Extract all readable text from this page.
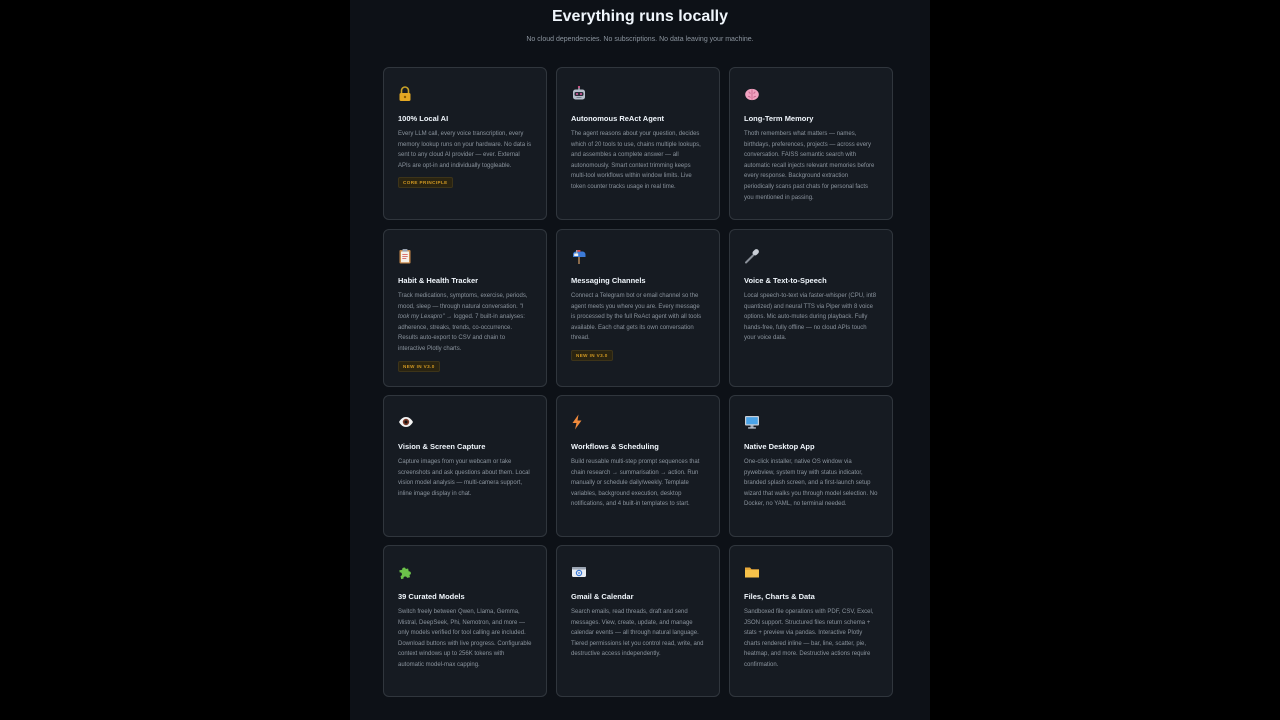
Everything runs locally
No cloud dependencies. No subscriptions. No data leaving your machine.
100% Local AI
Every LLM call, every voice transcription, every memory lookup runs on your hardware. No data is sent to any cloud AI provider — ever. External APIs are opt-in and individually toggleable.
CORE PRINCIPLE
Autonomous ReAct Agent
The agent reasons about your question, decides which of 20 tools to use, chains multiple lookups, and assembles a complete answer — all autonomously. Smart context trimming keeps multi-tool workflows within window limits. Live token counter tracks usage in real time.
Long-Term Memory
Thoth remembers what matters — names, birthdays, preferences, projects — across every conversation. FAISS semantic search with automatic recall injects relevant memories before every response. Background extraction periodically scans past chats for personal facts you mentioned in passing.
Habit & Health Tracker
Track medications, symptoms, exercise, periods, mood, sleep — through natural conversation. "I took my Lexapro" → logged. 7 built-in analyses: adherence, streaks, trends, co-occurrence. Results auto-export to CSV and chain to interactive Plotly charts.
NEW IN V3.0
Messaging Channels
Connect a Telegram bot or email channel so the agent meets you where you are. Every message is processed by the full ReAct agent with all tools available. Each chat gets its own conversation thread.
NEW IN V3.0
Voice & Text-to-Speech
Local speech-to-text via faster-whisper (CPU, int8 quantized) and neural TTS via Piper with 8 voice options. Mic auto-mutes during playback. Fully hands-free, fully offline — no cloud APIs touch your voice data.
Vision & Screen Capture
Capture images from your webcam or take screenshots and ask questions about them. Local vision model analysis — multi-camera support, inline image display in chat.
Workflows & Scheduling
Build reusable multi-step prompt sequences that chain research → summarisation → action. Run manually or schedule daily/weekly. Template variables, background execution, desktop notifications, and 4 built-in templates to start.
Native Desktop App
One-click installer, native OS window via pywebview, system tray with status indicator, branded splash screen, and a first-launch setup wizard that walks you through model selection. No Docker, no YAML, no terminal needed.
39 Curated Models
Switch freely between Qwen, Llama, Gemma, Mistral, DeepSeek, Phi, Nemotron, and more — only models verified for tool calling are included. Download buttons with live progress. Configurable context windows up to 256K tokens with automatic model-max capping.
Gmail & Calendar
Search emails, read threads, draft and send messages. View, create, update, and manage calendar events — all through natural language. Tiered permissions let you control read, write, and destructive access independently.
Files, Charts & Data
Sandboxed file operations with PDF, CSV, Excel, JSON support. Structured files return schema + stats + preview via pandas. Interactive Plotly charts rendered inline — bar, line, scatter, pie, heatmap, and more. Destructive actions require confirmation.
